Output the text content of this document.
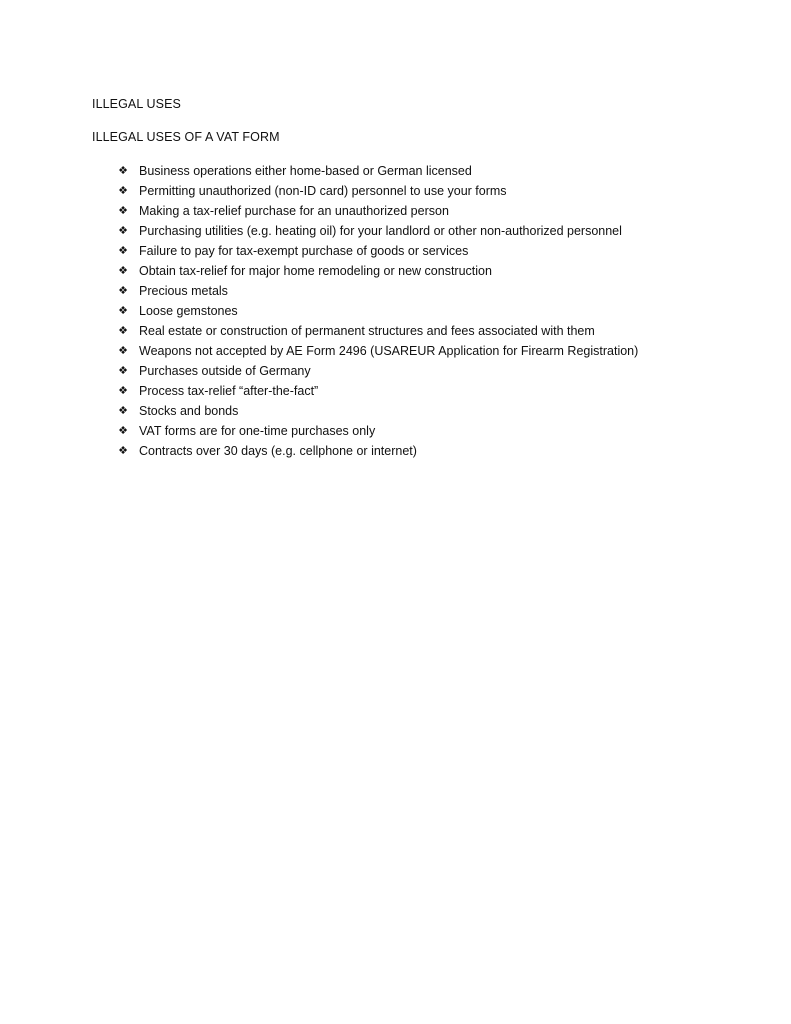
ILLEGAL USES
ILLEGAL USES OF A VAT FORM
❖ Business operations either home-based or German licensed
❖ Permitting unauthorized (non-ID card) personnel to use your forms
❖ Making a tax-relief purchase for an unauthorized person
❖ Purchasing utilities (e.g. heating oil) for your landlord or other non-authorized personnel
❖ Failure to pay for tax-exempt purchase of goods or services
❖ Obtain tax-relief for major home remodeling or new construction
❖ Precious metals
❖ Loose gemstones
❖ Real estate or construction of permanent structures and fees associated with them
❖ Weapons not accepted by AE Form 2496 (USAREUR Application for Firearm Registration)
❖ Purchases outside of Germany
❖ Process tax-relief “after-the-fact”
❖ Stocks and bonds
❖ VAT forms are for one-time purchases only
❖ Contracts over 30 days (e.g. cellphone or internet)
